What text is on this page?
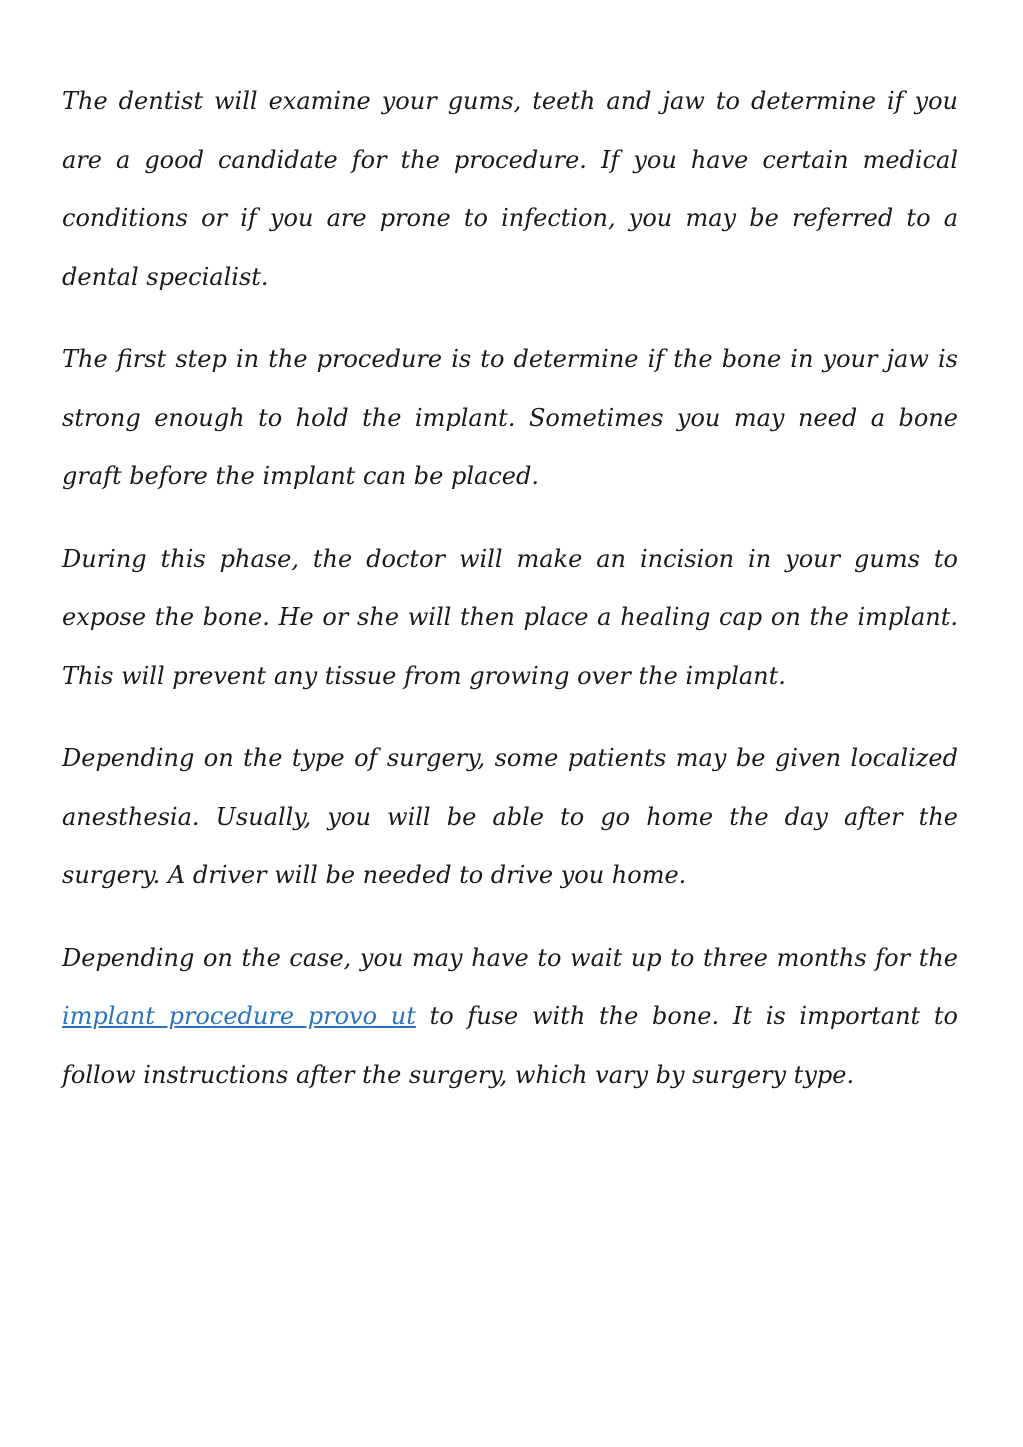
The dentist will examine your gums, teeth and jaw to determine if you are a good candidate for the procedure. If you have certain medical conditions or if you are prone to infection, you may be referred to a dental specialist.

The first step in the procedure is to determine if the bone in your jaw is strong enough to hold the implant. Sometimes you may need a bone graft before the implant can be placed.

During this phase, the doctor will make an incision in your gums to expose the bone. He or she will then place a healing cap on the implant. This will prevent any tissue from growing over the implant.

Depending on the type of surgery, some patients may be given localized anesthesia. Usually, you will be able to go home the day after the surgery. A driver will be needed to drive you home.

Depending on the case, you may have to wait up to three months for the implant procedure provo ut to fuse with the bone. It is important to follow instructions after the surgery, which vary by surgery type.
